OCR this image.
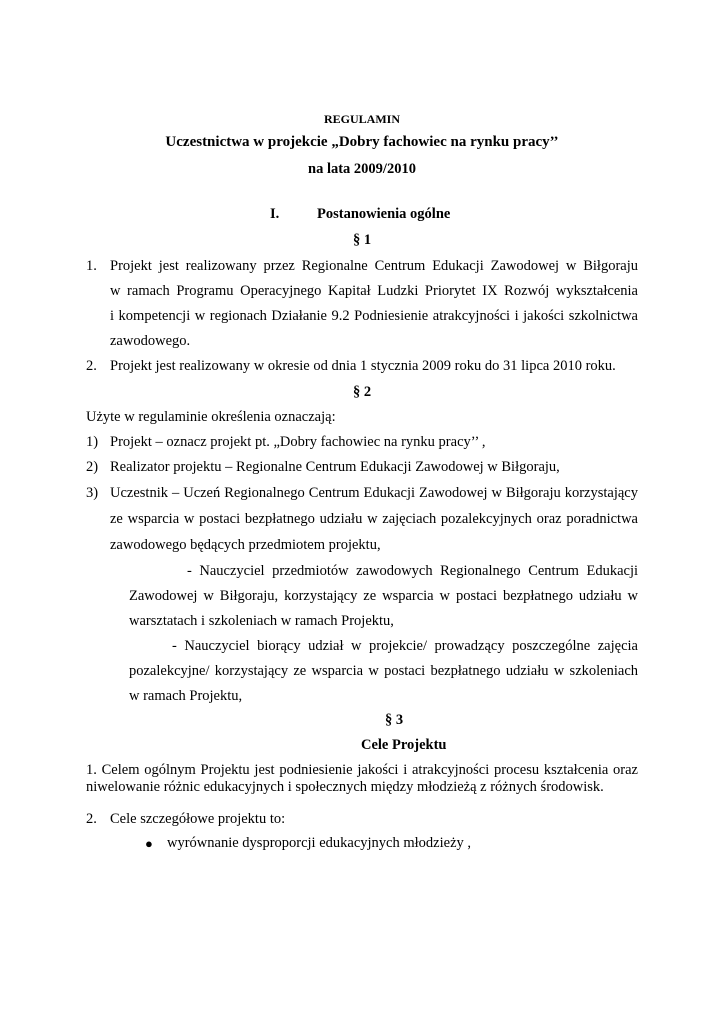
REGULAMIN
Uczestnictwa w projekcie „Dobry fachowiec na rynku pracy’’
na lata 2009/2010
I.	Postanowienia ogólne
§ 1
1. Projekt jest realizowany przez Regionalne Centrum Edukacji Zawodowej w Biłgoraju
w ramach Programu Operacyjnego Kapitał Ludzki Priorytet IX Rozwój wykształcenia
i kompetencji w regionach Działanie 9.2 Podniesienie atrakcyjności i jakości szkolnictwa
zawodowego.
2. Projekt jest realizowany w okresie od dnia 1 stycznia 2009 roku do 31 lipca 2010 roku.
§ 2
Użyte w regulaminie określenia oznaczają:
1) Projekt – oznacz projekt pt. „Dobry fachowiec na rynku pracy’’ ,
2) Realizator projektu – Regionalne Centrum Edukacji Zawodowej w Biłgoraju,
3) Uczestnik – Uczeń Regionalnego Centrum Edukacji Zawodowej w Biłgoraju korzystający
ze wsparcia w postaci bezpłatnego udziału w zajęciach pozalekcyjnych oraz poradnictwa
zawodowego będących przedmiotem projektu,
- Nauczyciel przedmiotów zawodowych Regionalnego Centrum Edukacji
Zawodowej w Biłgoraju, korzystający ze wsparcia w postaci bezpłatnego udziału w
warsztatach i szkoleniach w ramach Projektu,
- Nauczyciel biorący udział w projekcie/ prowadzący poszczególne zajęcia
pozalekcyjne/ korzystający ze wsparcia w postaci bezpłatnego udziału w szkoleniach
w ramach Projektu,
§ 3
Cele Projektu
1. Celem ogólnym Projektu jest podniesienie jakości i atrakcyjności procesu kształcenia oraz
niwelowanie różnic edukacyjnych i społecznych między młodzieżą z różnych środowisk.
2. Cele szczegółowe projektu to:
● wyrównanie dysproporcji edukacyjnych młodzieży ,
